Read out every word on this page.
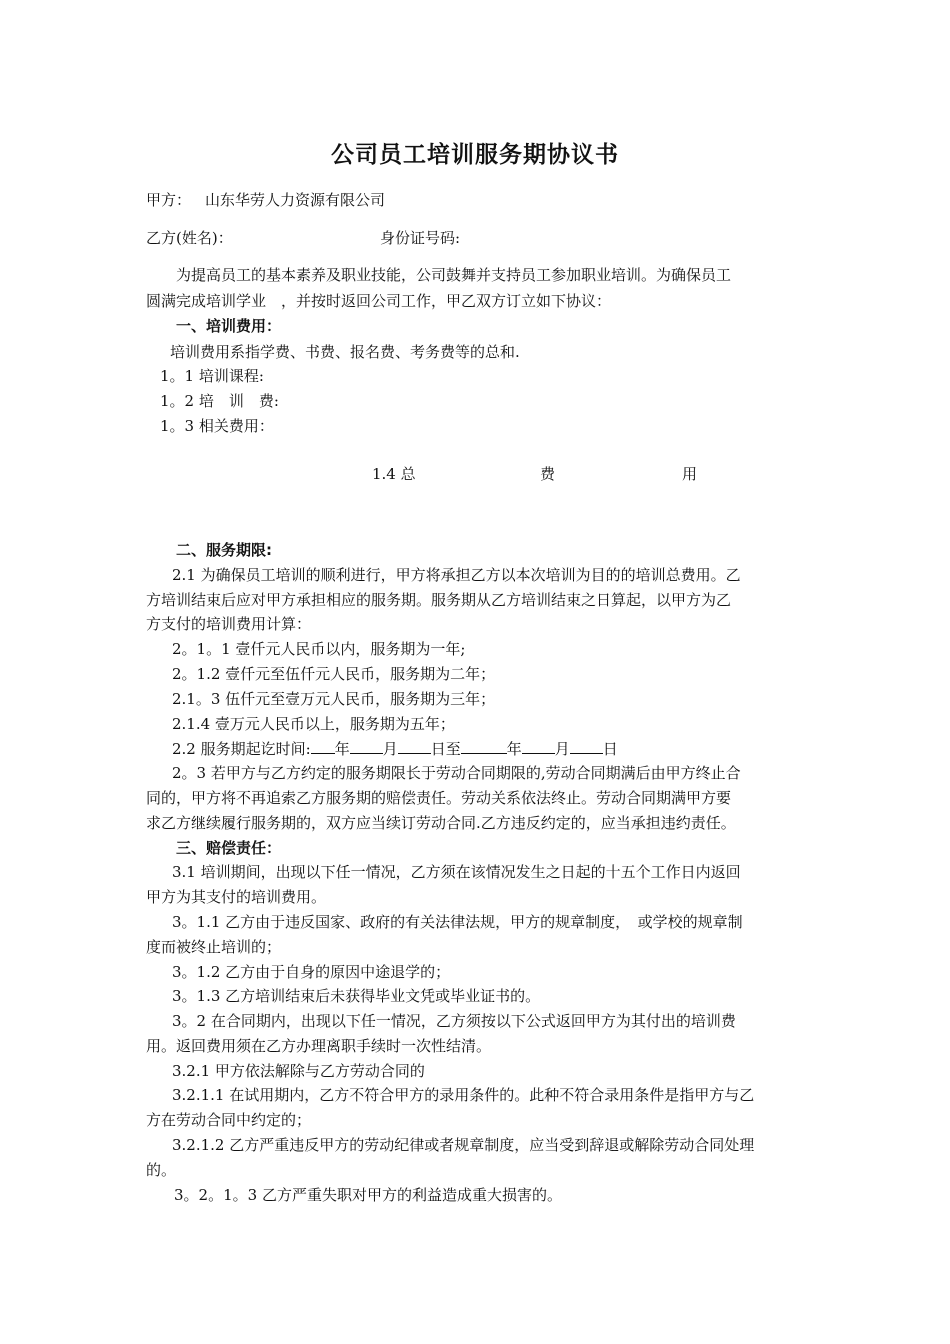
公司员工培训服务期协议书
甲方： 山东华劳人力资源有限公司
乙方(姓名)：	身份证号码:
为提高员工的基本素养及职业技能，公司鼓舞并支持员工参加职业培训。为确保员工
圆满完成培训学业　，并按时返回公司工作，甲乙双方订立如下协议：
一、培训费用：
培训费用系指学费、书费、报名费、考务费等的总和.
1。1 培训课程:
1。2 培　训　费:
1。3 相关费用：
1.4 总	费	用
二、服务期限:
2.1 为确保员工培训的顺利进行，甲方将承担乙方以本次培训为目的的培训总费用。乙
方培训结束后应对甲方承担相应的服务期。服务期从乙方培训结束之日算起，以甲方为乙
方支付的培训费用计算：
2。1。1 壹仟元人民币以内，服务期为一年;
2。1.2 壹仟元至伍仟元人民币，服务期为二年；
2.1。3 伍仟元至壹万元人民币，服务期为三年；
2.1.4 壹万元人民币以上，服务期为五年；
2.2 服务期起讫时间: 年 月 日至	年 月 日
2。3 若甲方与乙方约定的服务期限长于劳动合同期限的,劳动合同期满后由甲方终止合
同的，甲方将不再追索乙方服务期的赔偿责任。劳动关系依法终止。劳动合同期满甲方要
求乙方继续履行服务期的，双方应当续订劳动合同.乙方违反约定的，应当承担违约责任。
三、赔偿责任：
3.1 培训期间，出现以下任一情况，乙方须在该情况发生之日起的十五个工作日内返回
甲方为其支付的培训费用。
3。1.1 乙方由于违反国家、政府的有关法律法规，甲方的规章制度，　或学校的规章制
度而被终止培训的；
3。1.2 乙方由于自身的原因中途退学的；
3。1.3 乙方培训结束后未获得毕业文凭或毕业证书的。
3。2 在合同期内，出现以下任一情况，乙方须按以下公式返回甲方为其付出的培训费
用。返回费用须在乙方办理离职手续时一次性结清。
3.2.1 甲方依法解除与乙方劳动合同的
3.2.1.1 在试用期内，乙方不符合甲方的录用条件的。此种不符合录用条件是指甲方与乙
方在劳动合同中约定的；
3.2.1.2 乙方严重违反甲方的劳动纪律或者规章制度，应当受到辞退或解除劳动合同处理
的。
3。2。1。3 乙方严重失职对甲方的利益造成重大损害的。
